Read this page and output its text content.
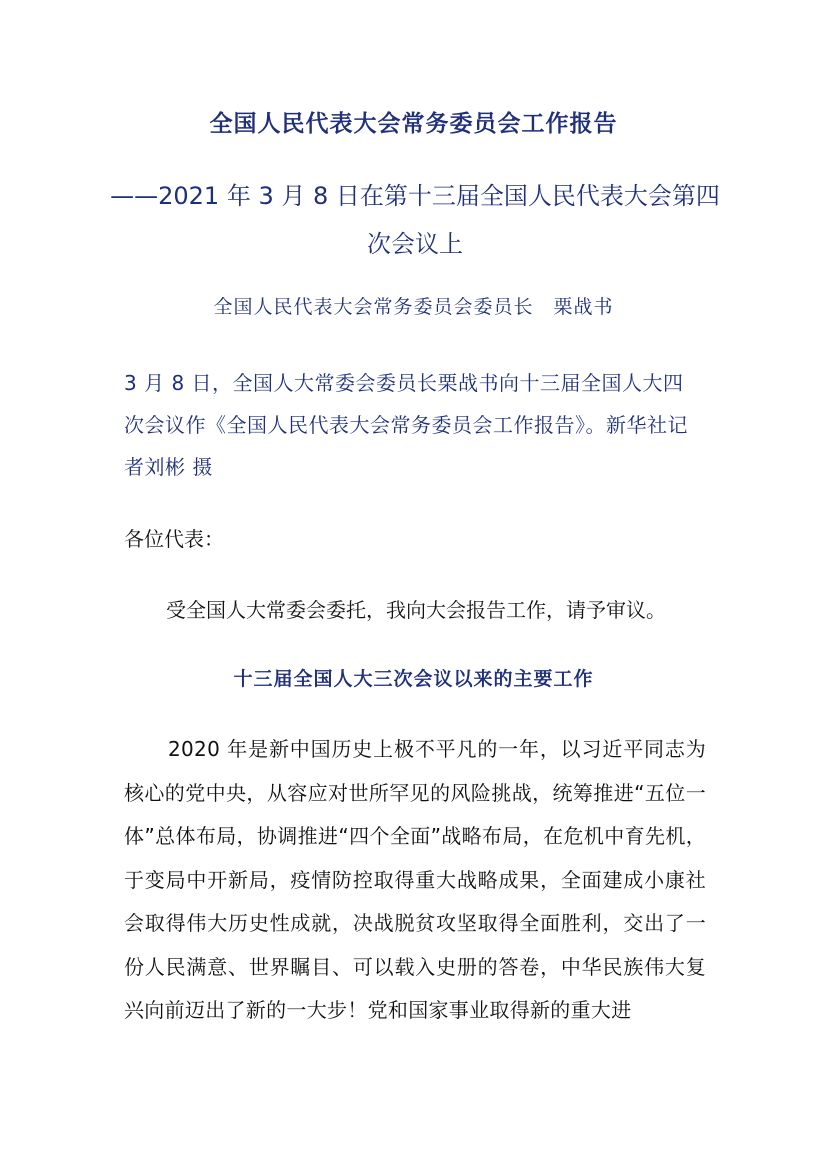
全国人民代表大会常务委员会工作报告
——2021 年 3 月 8 日在第十三届全国人民代表大会第四次会议上
全国人民代表大会常务委员会委员长　栗战书
3 月 8 日，全国人大常委会委员长栗战书向十三届全国人大四次会议作《全国人民代表大会常务委员会工作报告》。新华社记者刘彬 摄
各位代表：
受全国人大常委会委托，我向大会报告工作，请予审议。
十三届全国人大三次会议以来的主要工作
2020 年是新中国历史上极不平凡的一年，以习近平同志为核心的党中央，从容应对世所罕见的风险挑战，统筹推进“五位一体”总体布局，协调推进“四个全面”战略布局，在危机中育先机，于变局中开新局，疫情防控取得重大战略成果，全面建成小康社会取得伟大历史性成就，决战脱贫攻坚取得全面胜利，交出了一份人民满意、世界瞩目、可以载入史册的答卷，中华民族伟大复兴向前迈出了新的一大步！党和国家事业取得新的重大进
